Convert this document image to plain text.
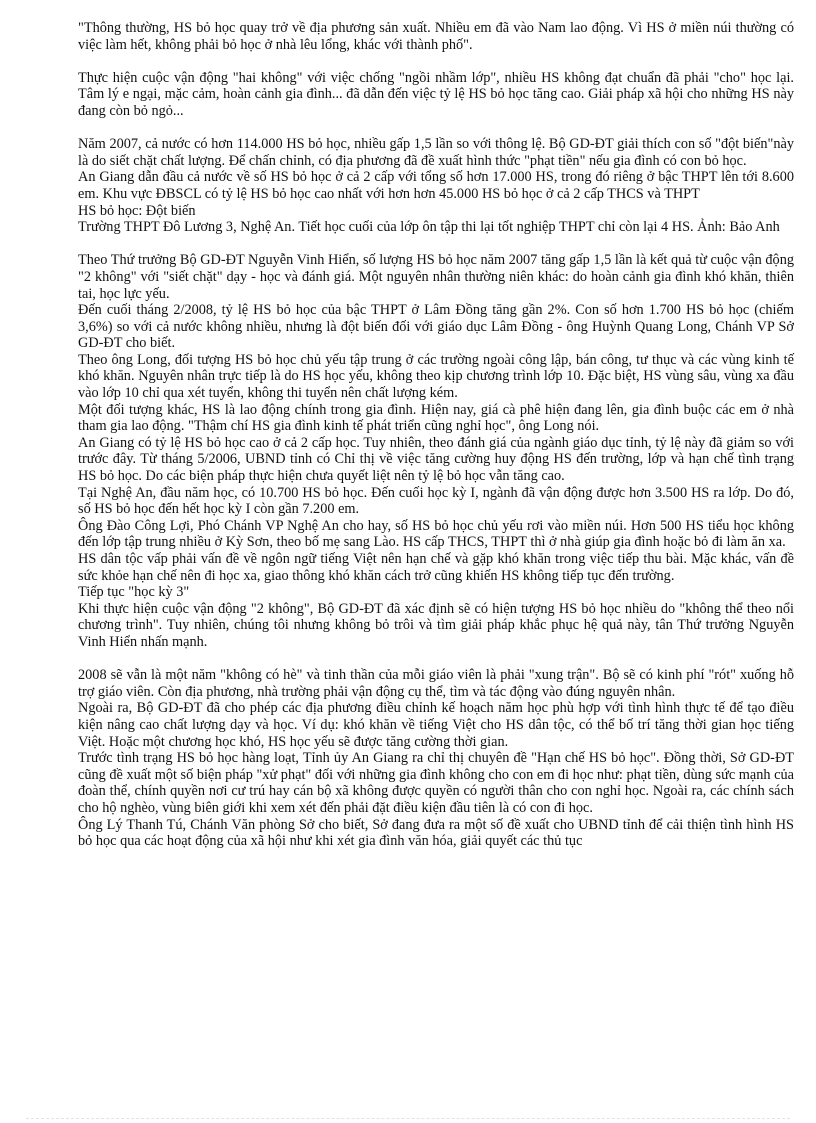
"Thông thường, HS bỏ học quay trở về địa phương sản xuất. Nhiều em đã vào Nam lao động. Vì HS ở miền núi thường có việc làm hết, không phải bỏ học ở nhà lêu lổng, khác với thành phố".

Thực hiện cuộc vận động "hai không" với việc chống "ngồi nhầm lớp", nhiều HS không đạt chuẩn đã phải "cho" học lại. Tâm lý e ngại, mặc cảm, hoàn cảnh gia đình... đã dẫn đến việc tỷ lệ HS bỏ học tăng cao. Giải pháp xã hội cho những HS này đang còn bỏ ngỏ...

Năm 2007, cả nước có hơn 114.000 HS bỏ học, nhiều gấp 1,5 lần so với thông lệ. Bộ GD-ĐT giải thích con số "đột biến"này là do siết chặt chất lượng. Để chấn chỉnh, có địa phương đã đề xuất hình thức "phạt tiền" nếu gia đình có con bỏ học.

An Giang dẫn đầu cả nước về số HS bỏ học ở cả 2 cấp với tổng số hơn 17.000 HS, trong đó riêng ở bậc THPT lên tới 8.600 em. Khu vực ĐBSCL có tỷ lệ HS bỏ học cao nhất với hơn hơn 45.000 HS bỏ học ở cả 2 cấp THCS và THPT

HS bỏ học: Đột biến

Trường THPT Đô Lương 3, Nghệ An. Tiết học cuối của lớp ôn tập thi lại tốt nghiệp THPT chỉ còn lại 4 HS. Ảnh: Bảo Anh

Theo Thứ trưởng Bộ GD-ĐT Nguyễn Vinh Hiển, số lượng HS bỏ học năm 2007 tăng gấp 1,5 lần là kết quả từ cuộc vận động "2 không" với "siết chặt" dạy - học và đánh giá. Một nguyên nhân thường niên khác: do hoàn cảnh gia đình khó khăn, thiên tai, học lực yếu.

Đến cuối tháng 2/2008, tỷ lệ HS bỏ học của bậc THPT ở Lâm Đồng tăng gần 2%. Con số hơn 1.700 HS bỏ học (chiếm 3,6%) so với cả nước không nhiều, nhưng là đột biến đối với giáo dục Lâm Đồng - ông Huỳnh Quang Long, Chánh VP Sở GD-ĐT cho biết.

Theo ông Long, đối tượng HS bỏ học chủ yếu tập trung ở các trường ngoài công lập, bán công, tư thục và các vùng kinh tế khó khăn. Nguyên nhân trực tiếp là do HS học yếu, không theo kịp chương trình lớp 10. Đặc biệt, HS vùng sâu, vùng xa đầu vào lớp 10 chỉ qua xét tuyển, không thi tuyển nên chất lượng kém.

Một đối tượng khác, HS là lao động chính trong gia đình. Hiện nay, giá cà phê hiện đang lên, gia đình buộc các em ở nhà tham gia lao động. "Thậm chí HS gia đình kinh tế phát triển cũng nghỉ học", ông Long nói.

An Giang có tỷ lệ HS bỏ học cao ở cả 2 cấp học. Tuy nhiên, theo đánh giá của ngành giáo dục tỉnh, tỷ lệ này đã giảm so với trước đây. Từ tháng 5/2006, UBND tỉnh có Chỉ thị về việc tăng cường huy động HS đến trường, lớp và hạn chế tình trạng HS bỏ học. Do các biện pháp thực hiện chưa quyết liệt nên tỷ lệ bỏ học vẫn tăng cao.

Tại Nghệ An, đầu năm học, có 10.700 HS bỏ học. Đến cuối học kỳ I, ngành đã vận động được hơn 3.500 HS ra lớp. Do đó, số HS bỏ học đến hết học kỳ I còn gần 7.200 em.

Ông Đào Công Lợi, Phó Chánh VP Nghệ An cho hay, số HS bỏ học chủ yếu rơi vào miền núi. Hơn 500 HS tiểu học không đến lớp tập trung nhiều ở Kỳ Sơn, theo bố mẹ sang Lào. HS cấp THCS, THPT thì ở nhà giúp gia đình hoặc bỏ đi làm ăn xa.

HS dân tộc vấp phải vấn đề về ngôn ngữ tiếng Việt nên hạn chế và gặp khó khăn trong việc tiếp thu bài. Mặc khác, vấn đề sức khỏe hạn chế nên đi học xa, giao thông khó khăn cách trở cũng khiến HS không tiếp tục đến trường.

Tiếp tục "học kỳ 3"

Khi thực hiện cuộc vận động "2 không", Bộ GD-ĐT đã xác định sẽ có hiện tượng HS bỏ học nhiều do "không thể theo nổi chương trình". Tuy nhiên, chúng tôi nhưng không bỏ trôi và tìm giải pháp khắc phục hệ quả này, tân Thứ trưởng Nguyễn Vinh Hiển nhấn mạnh.

2008 sẽ vẫn là một năm "không có hè" và tinh thần của mỗi giáo viên là phải "xung trận". Bộ sẽ có kinh phí "rót" xuống hỗ trợ giáo viên. Còn địa phương, nhà trường phải vận động cụ thể, tìm và tác động vào đúng nguyên nhân.

Ngoài ra, Bộ GD-ĐT đã cho phép các địa phương điều chỉnh kế hoạch năm học phù hợp với tình hình thực tế để tạo điều kiện nâng cao chất lượng dạy và học. Ví dụ: khó khăn về tiếng Việt cho HS dân tộc, có thể bố trí tăng thời gian học tiếng Việt. Hoặc một chương học khó, HS học yếu sẽ được tăng cường thời gian.

Trước tình trạng HS bỏ học hàng loạt, Tỉnh ủy An Giang ra chỉ thị chuyên đề "Hạn chế HS bỏ học". Đồng thời, Sở GD-ĐT cũng đề xuất một số biện pháp "xử phạt" đối với những gia đình không cho con em đi học như: phạt tiền, dùng sức mạnh của đoàn thể, chính quyền nơi cư trú hay cán bộ xã không được quyền có người thân cho con nghỉ học. Ngoài ra, các chính sách cho hộ nghèo, vùng biên giới khi xem xét đến phải đặt điều kiện đầu tiên là có con đi học.

Ông Lý Thanh Tú, Chánh Văn phòng Sở cho biết, Sở đang đưa ra một số đề xuất cho UBND tỉnh để cải thiện tình hình HS bỏ học qua các hoạt động của xã hội như khi xét gia đình văn hóa, giải quyết các thủ tục
